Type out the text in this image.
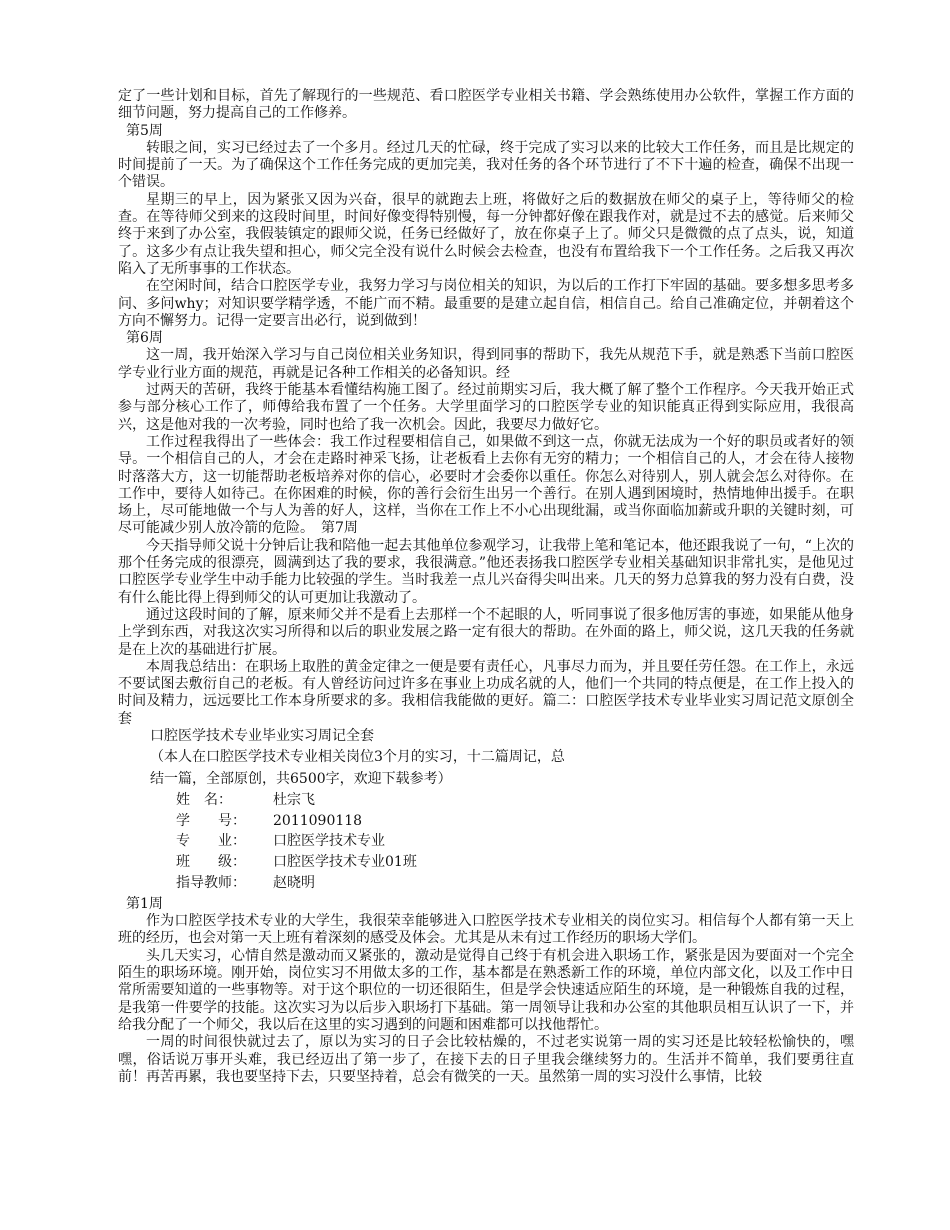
定了一些计划和目标，首先了解现行的一些规范、看口腔医学专业相关书籍、学会熟练使用办公软件，掌握工作方面的细节问题，努力提高自己的工作修养。

第5周

转眼之间，实习已经过去了一个多月。经过几天的忙碌，终于完成了实习以来的比较大工作任务，而且是比规定的时间提前了一天。为了确保这个工作任务完成的更加完美，我对任务的各个环节进行了不下十遍的检查，确保不出现一个错误。

星期三的早上，因为紧张又因为兴奋，很早的就跑去上班，将做好之后的数据放在师父的桌子上，等待师父的检查。在等待师父到来的这段时间里，时间好像变得特别慢，每一分钟都好像在跟我作对，就是过不去的感觉。后来师父终于来到了办公室，我假装镇定的跟师父说，任务已经做好了，放在你桌子上了。师父只是微微的点了点头，说，知道了。这多少有点让我失望和担心，师父完全没有说什么时候会去检查，也没有布置给我下一个工作任务。之后我又再次陷入了无所事事的工作状态。

在空闲时间，结合口腔医学专业，我努力学习与岗位相关的知识，为以后的工作打下牢固的基础。要多想多思考多问、多问why；对知识要学精学透，不能广而不精。最重要的是建立起自信，相信自己。给自己准确定位，并朝着这个方向不懈努力。记得一定要言出必行，说到做到！

第6周

这一周，我开始深入学习与自己岗位相关业务知识，得到同事的帮助下，我先从规范下手，就是熟悉下当前口腔医学专业行业方面的规范，再就是记各种工作相关的必备知识。经

过两天的苦研，我终于能基本看懂结构施工图了。经过前期实习后，我大概了解了整个工作程序。今天我开始正式参与部分核心工作了，师傅给我布置了一个任务。大学里面学习的口腔医学专业的知识能真正得到实际应用，我很高兴，这是他对我的一次考验，同时也给了我一次机会。因此，我要尽力做好它。

工作过程我得出了一些体会：我工作过程要相信自己，如果做不到这一点，你就无法成为一个好的职员或者好的领导。一个相信自己的人，才会在走路时神采飞扬，让老板看上去你有无穷的精力；一个相信自己的人，才会在待人接物时落落大方，这一切能帮助老板培养对你的信心，必要时才会委你以重任。你怎么对待别人，别人就会怎么对待你。在工作中，要待人如待己。在你困难的时候，你的善行会衍生出另一个善行。在别人遇到困境时，热情地伸出援手。在职场上，尽可能地做一个与人为善的好人，这样，当你在工作上不小心出现纰漏，或当你面临加薪或升职的关键时刻，可尽可能减少别人放冷箭的危险。　第7周

今天指导师父说十分钟后让我和陪他一起去其他单位参观学习，让我带上笔和笔记本，他还跟我说了一句，“上次的那个任务完成的很漂亮，圆满到达了我的要求，我很满意。”他还表扬我口腔医学专业相关基础知识非常扎实，是他见过口腔医学专业学生中动手能力比较强的学生。当时我差一点儿兴奋得尖叫出来。几天的努力总算我的努力没有白费，没有什么能比得上得到师父的认可更加让我激动了。

通过这段时间的了解，原来师父并不是看上去那样一个不起眼的人，听同事说了很多他厉害的事迹，如果能从他身上学到东西，对我这次实习所得和以后的职业发展之路一定有很大的帮助。在外面的路上，师父说，这几天我的任务就是在上次的基础进行扩展。

本周我总结出：在职场上取胜的黄金定律之一便是要有责任心，凡事尽力而为，并且要任劳任怨。在工作上，永远不要试图去敷衍自己的老板。有人曾经访问过许多在事业上功成名就的人，他们一个共同的特点便是，在工作上投入的时间及精力，远远要比工作本身所要求的多。我相信我能做的更好。篇二：口腔医学技术专业毕业实习周记范文原创全套

口腔医学技术专业毕业实习周记全套

（本人在口腔医学技术专业相关岗位3个月的实习，十二篇周记，总

结一篇，全部原创，共6500字，欢迎下载参考）

姓　名：	杜宗飞

学　　号： 2011090118

专　　业： 口腔医学技术专业

班　　级： 口腔医学技术专业01班

指导教师： 赵晓明

第1周

作为口腔医学技术专业的大学生，我很荣幸能够进入口腔医学技术专业相关的岗位实习。相信每个人都有第一天上班的经历，也会对第一天上班有着深刻的感受及体会。尤其是从未有过工作经历的职场大学们。

头几天实习，心情自然是激动而又紧张的，激动是觉得自己终于有机会进入职场工作，紧张是因为要面对一个完全陌生的职场环境。刚开始，岗位实习不用做太多的工作，基本都是在熟悉新工作的环境，单位内部文化，以及工作中日常所需要知道的一些事物等。对于这个职位的一切还很陌生，但是学会快速适应陌生的环境，是一种锻炼自我的过程，是我第一件要学的技能。这次实习为以后步入职场打下基础。第一周领导让我和办公室的其他职员相互认识了一下，并给我分配了一个师父，我以后在这里的实习遇到的问题和困难都可以找他帮忙。

一周的时间很快就过去了，原以为实习的日子会比较枯燥的，不过老实说第一周的实习还是比较轻松愉快的，嘿嘿，俗话说万事开头难，我已经迈出了第一步了，在接下去的日子里我会继续努力的。生活并不简单，我们要勇往直前！再苦再累，我也要坚持下去，只要坚持着，总会有微笑的一天。虽然第一周的实习没什么事情，比较
